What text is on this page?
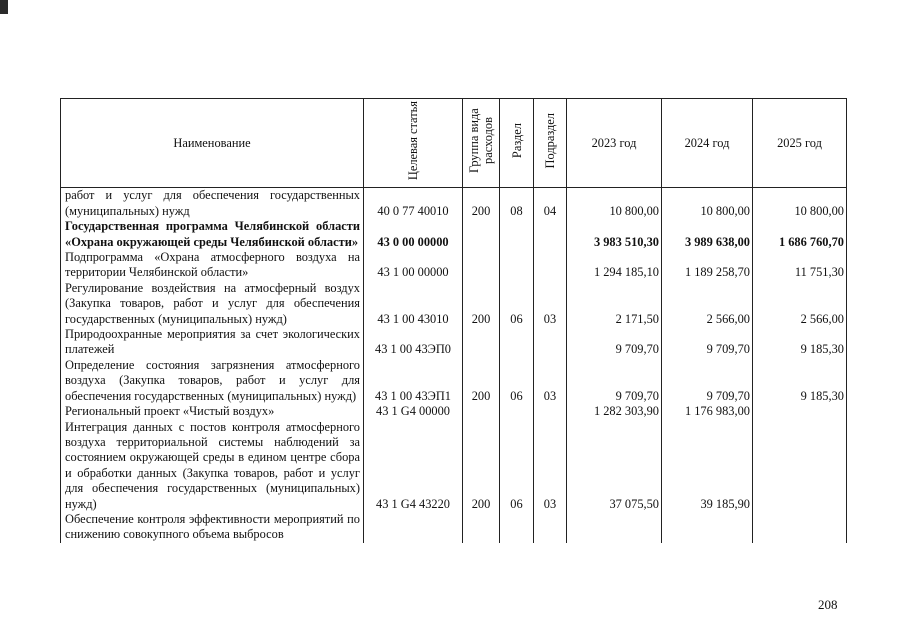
Наименование	Целевая статья	Группа вида расходов	Раздел	Подраздел	2023 год	2024 год	2025 год
работ и услуг для обеспечения государственных (муниципальных) нужд	40 0 77 40010	200	08	04	10 800,00	10 800,00	10 800,00
Государственная программа Челябинской области «Охрана окружающей среды Челябинской области»	43 0 00 00000				3 983 510,30	3 989 638,00	1 686 760,70
Подпрограмма «Охрана атмосферного воздуха на территории Челябинской области»	43 1 00 00000				1 294 185,10	1 189 258,70	11 751,30
Регулирование воздействия на атмосферный воздух (Закупка товаров, работ и услуг для обеспечения государственных (муниципальных) нужд)	43 1 00 43010	200	06	03	2 171,50	2 566,00	2 566,00
Природоохранные мероприятия за счет экологических платежей	43 1 00 43ЭП0				9 709,70	9 709,70	9 185,30
Определение состояния загрязнения атмосферного воздуха (Закупка товаров, работ и услуг для обеспечения государственных (муниципальных) нужд)	43 1 00 43ЭП1	200	06	03	9 709,70	9 709,70	9 185,30
Региональный проект «Чистый воздух»	43 1 G4 00000				1 282 303,90	1 176 983,00	
Интеграция данных с постов контроля атмосферного воздуха территориальной системы наблюдений за состоянием окружающей среды в едином центре сбора и обработки данных (Закупка товаров, работ и услуг для обеспечения государственных (муниципальных) нужд)	43 1 G4 43220	200	06	03	37 075,50	39 185,90	
Обеспечение контроля эффективности мероприятий по снижению совокупного объема выбросов							
208
